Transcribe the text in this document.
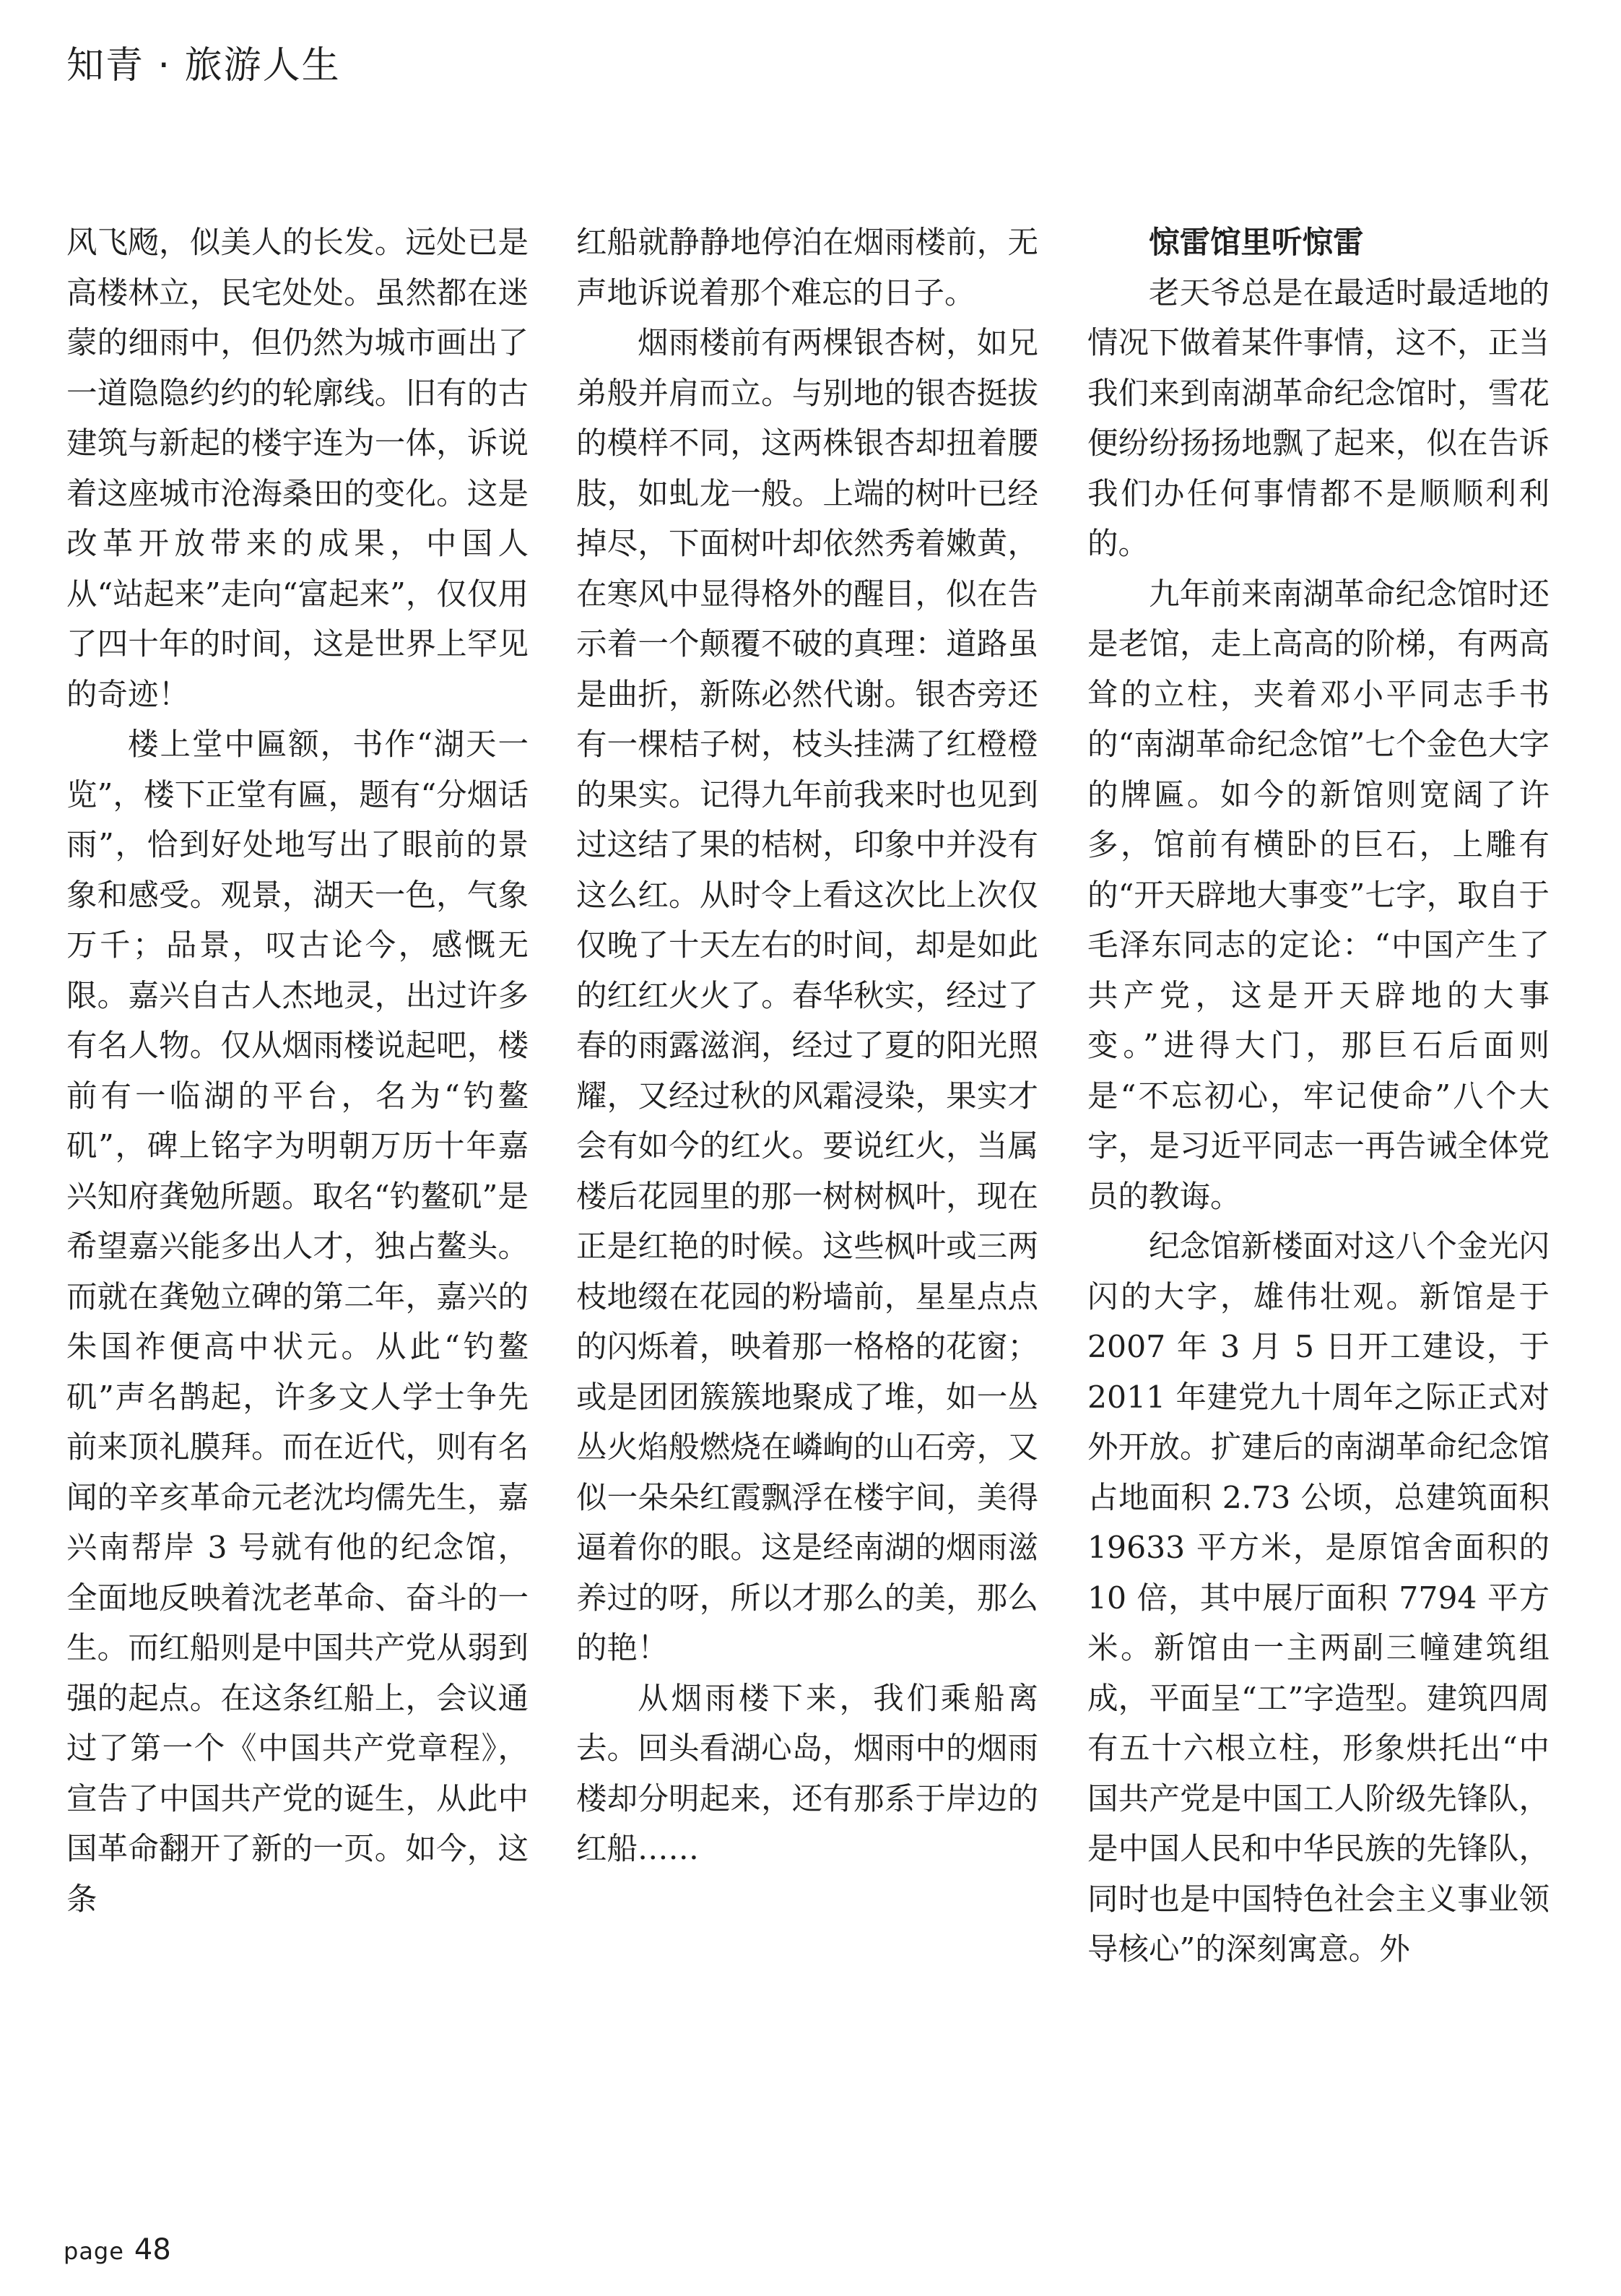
知青 · 旅游人生

风飞飏，似美人的长发。远处已是高楼林立，民宅处处。虽然都在迷蒙的细雨中，但仍然为城市画出了一道隐隐约约的轮廓线。旧有的古建筑与新起的楼宇连为一体，诉说着这座城市沧海桑田的变化。这是改革开放带来的成果，中国人从“站起来”走向“富起来”，仅仅用了四十年的时间，这是世界上罕见的奇迹！

楼上堂中匾额，书作“湖天一览”，楼下正堂有匾，题有“分烟话雨”，恰到好处地写出了眼前的景象和感受。观景，湖天一色，气象万千；品景，叹古论今，感慨无限。嘉兴自古人杰地灵，出过许多有名人物。仅从烟雨楼说起吧，楼前有一临湖的平台，名为“钓鳌矶”，碑上铭字为明朝万历十年嘉兴知府龚勉所题。取名“钓鳌矶”是希望嘉兴能多出人才，独占鳌头。而就在龚勉立碑的第二年，嘉兴的朱国祚便高中状元。从此“钓鳌矶”声名鹊起，许多文人学士争先前来顶礼膜拜。而在近代，则有名闻的辛亥革命元老沈均儒先生，嘉兴南帮岸 3 号就有他的纪念馆，全面地反映着沈老革命、奋斗的一生。而红船则是中国共产党从弱到强的起点。在这条红船上，会议通过了第一个《中国共产党章程》，宣告了中国共产党的诞生，从此中国革命翻开了新的一页。如今，这条

红船就静静地停泊在烟雨楼前，无声地诉说着那个难忘的日子。

烟雨楼前有两棵银杏树，如兄弟般并肩而立。与别地的银杏挺拔的模样不同，这两株银杏却扭着腰肢，如虬龙一般。上端的树叶已经掉尽，下面树叶却依然秀着嫩黄，在寒风中显得格外的醒目，似在告示着一个颠覆不破的真理：道路虽是曲折，新陈必然代谢。银杏旁还有一棵桔子树，枝头挂满了红橙橙的果实。记得九年前我来时也见到过这结了果的桔树，印象中并没有这么红。从时令上看这次比上次仅仅晚了十天左右的时间，却是如此的红红火火了。春华秋实，经过了春的雨露滋润，经过了夏的阳光照耀，又经过秋的风霜浸染，果实才会有如今的红火。要说红火，当属楼后花园里的那一树树枫叶，现在正是红艳的时候。这些枫叶或三两枝地缀在花园的粉墙前，星星点点的闪烁着，映着那一格格的花窗；或是团团簇簇地聚成了堆，如一丛丛火焰般燃烧在嶙峋的山石旁，又似一朵朵红霞飘浮在楼宇间，美得逼着你的眼。这是经南湖的烟雨滋养过的呀，所以才那么的美，那么的艳！

从烟雨楼下来，我们乘船离去。回头看湖心岛，烟雨中的烟雨楼却分明起来，还有那系于岸边的红船……

惊雷馆里听惊雷

老天爷总是在最适时最适地的情况下做着某件事情，这不，正当我们来到南湖革命纪念馆时，雪花便纷纷扬扬地飘了起来，似在告诉我们办任何事情都不是顺顺利利的。

九年前来南湖革命纪念馆时还是老馆，走上高高的阶梯，有两高耸的立柱，夹着邓小平同志手书的“南湖革命纪念馆”七个金色大字的牌匾。如今的新馆则宽阔了许多，馆前有横卧的巨石，上雕有的“开天辟地大事变”七字，取自于毛泽东同志的定论：“中国产生了共产党，这是开天辟地的大事变。”进得大门，那巨石后面则是“不忘初心，牢记使命”八个大字，是习近平同志一再告诫全体党员的教诲。

纪念馆新楼面对这八个金光闪闪的大字，雄伟壮观。新馆是于 2007 年 3 月 5 日开工建设，于 2011 年建党九十周年之际正式对外开放。扩建后的南湖革命纪念馆占地面积 2.73 公顷，总建筑面积 19633 平方米，是原馆舍面积的 10 倍，其中展厅面积 7794 平方米。新馆由一主两副三幢建筑组成，平面呈“工”字造型。建筑四周有五十六根立柱，形象烘托出“中国共产党是中国工人阶级先锋队，是中国人民和中华民族的先锋队，同时也是中国特色社会主义事业领导核心”的深刻寓意。外

page 48
